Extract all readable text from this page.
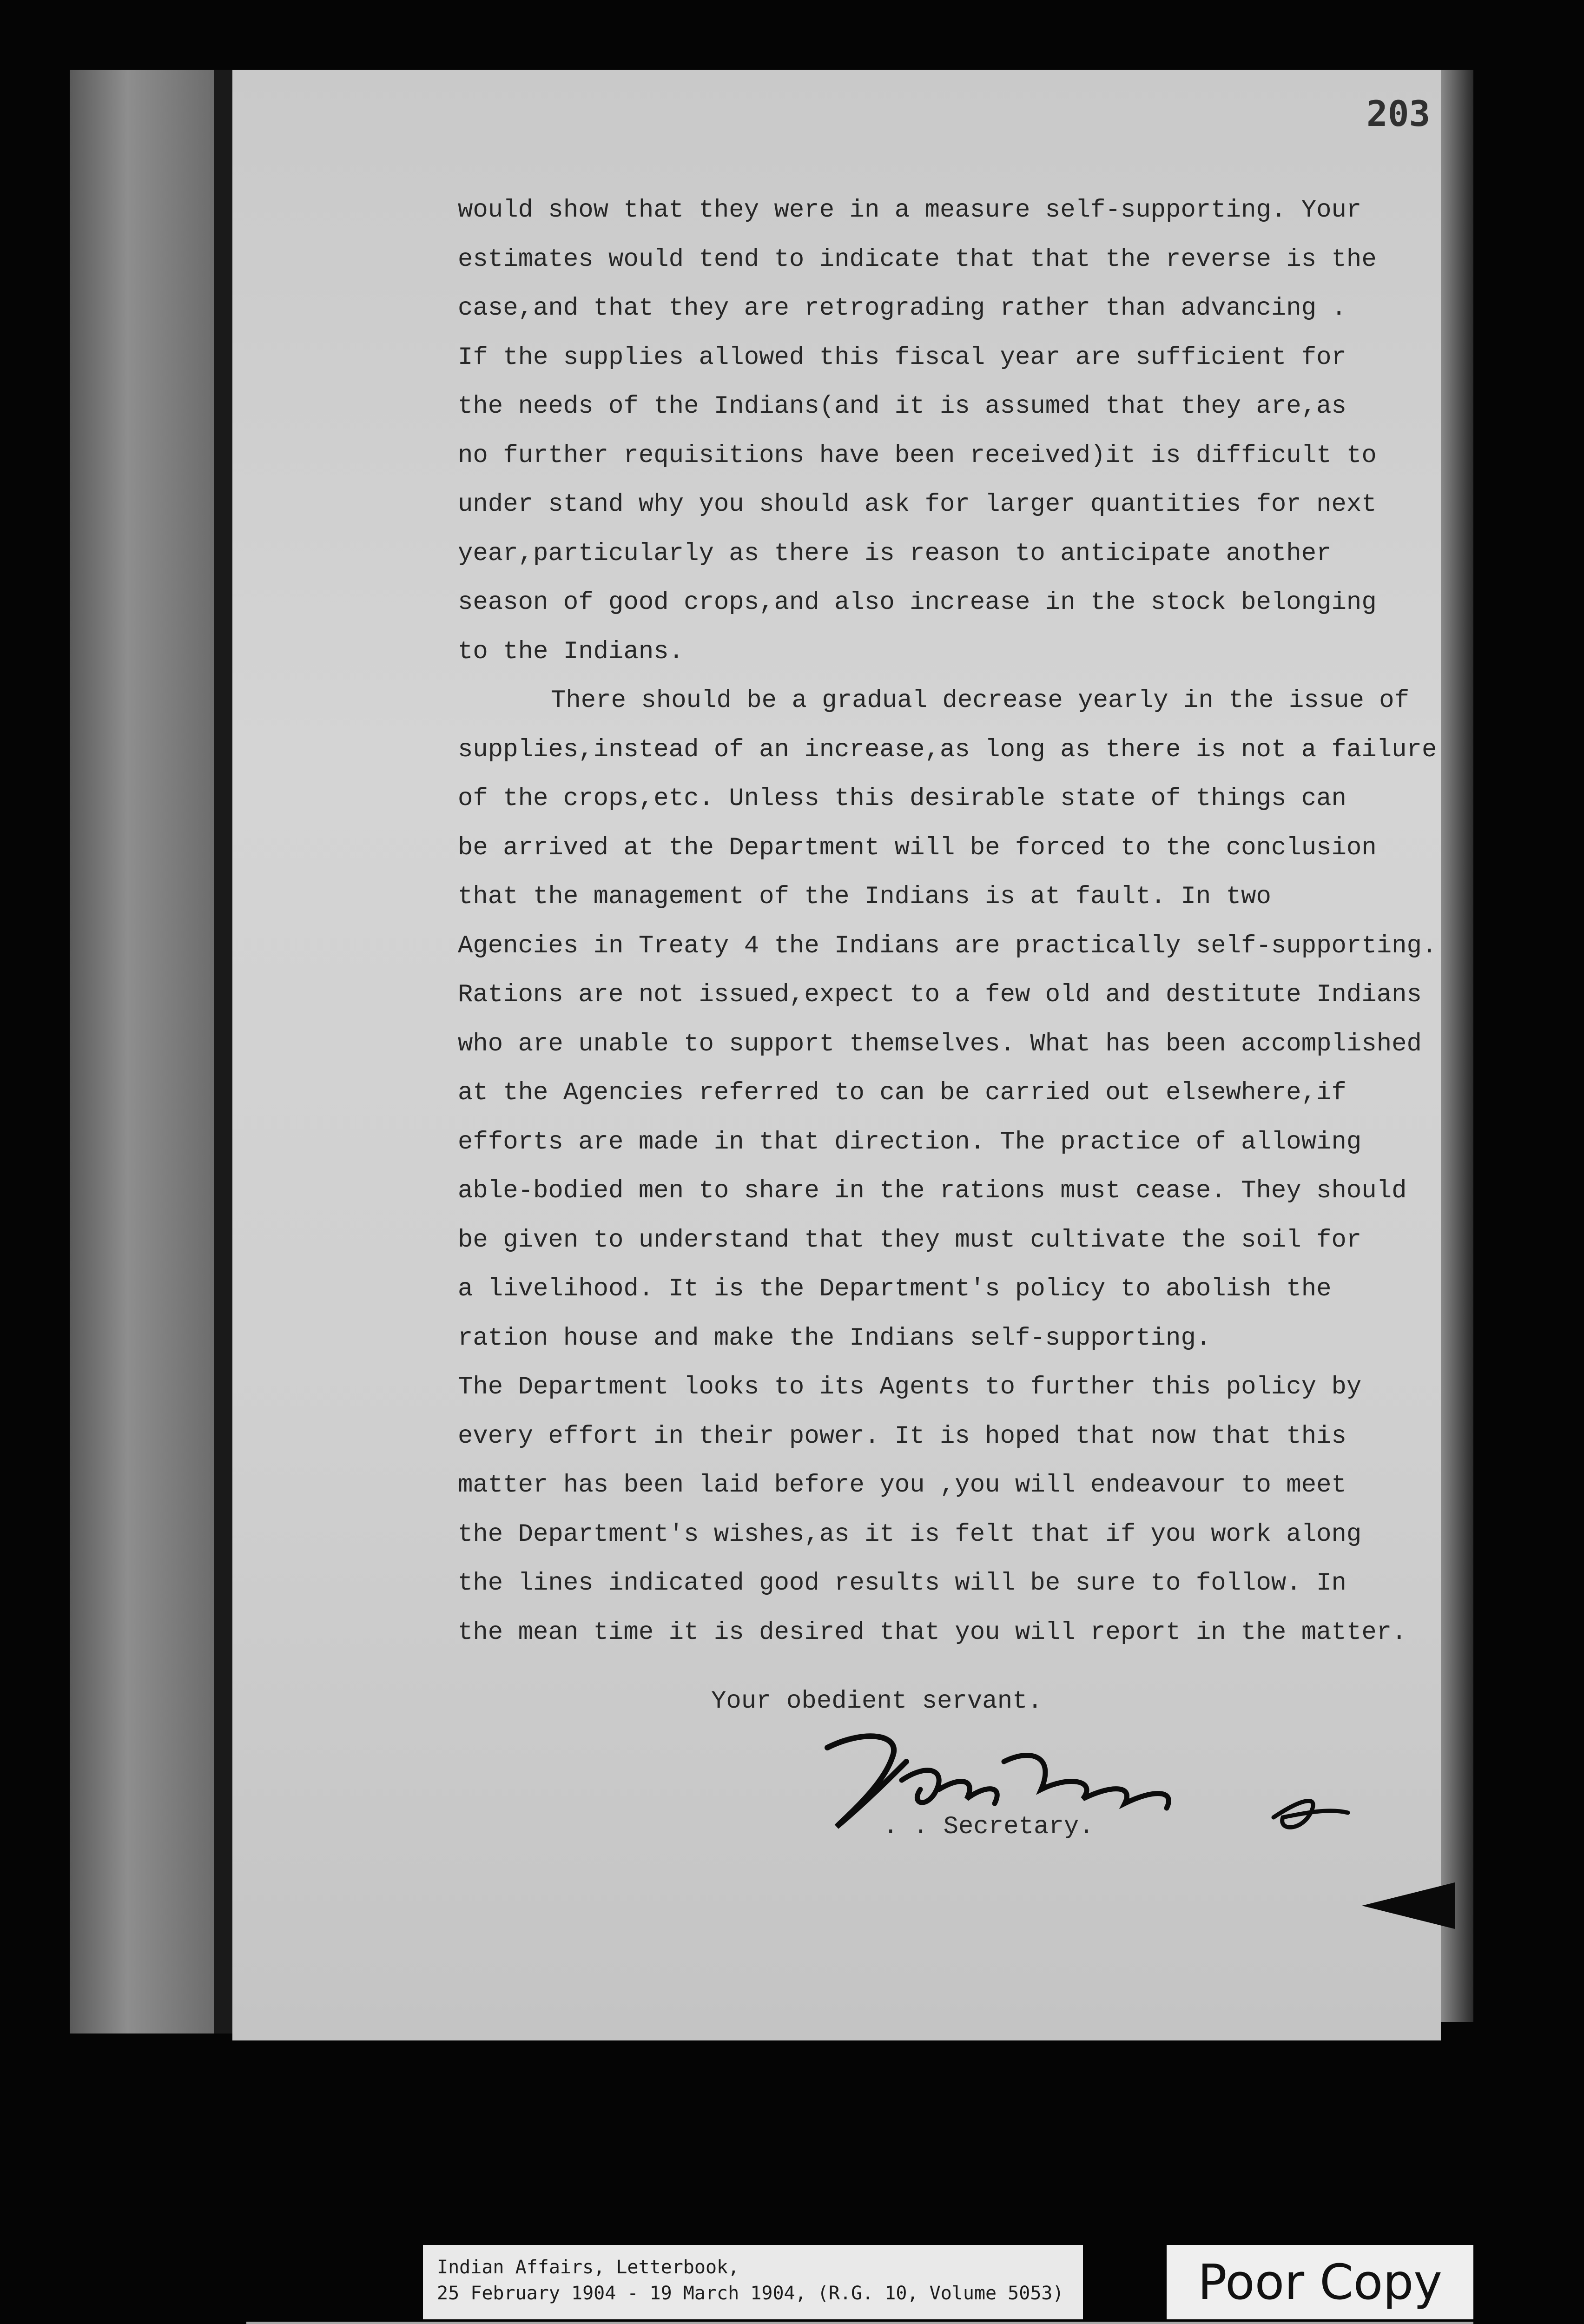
203
would show that they were in a measure self-supporting. Your
estimates would tend to indicate that that the reverse is the
case,and that they are retrograding rather than advancing .
If the supplies allowed this fiscal year are sufficient for
the needs of the Indians(and it is assumed that they are,as
no further requisitions have been received)it is difficult to
under stand why you should ask for larger quantities for next
year,particularly as there is reason to anticipate another
season of good crops,and also increase in the stock belonging
to the Indians.
There should be a gradual decrease yearly in the issue of
supplies,instead of an increase,as long as there is not a failure
of the crops,etc. Unless this desirable state of things can
be arrived at the Department will be forced to the conclusion
that the management of the Indians is at fault. In two
Agencies in Treaty 4 the Indians are practically self-supporting.
Rations are not issued,expect to a few old and destitute Indians
who are unable to support themselves. What has been accomplished
at the Agencies referred to can be carried out elsewhere,if
efforts are made in that direction. The practice of allowing
able-bodied men to share in the rations must cease. They should
be given to understand that they must cultivate the soil for
a livelihood. It is the Department's policy to abolish the
ration house and make the Indians self-supporting.
The Department looks to its Agents to further this policy by
every effort in their power. It is hoped that now that this
matter has been laid before you ,you will endeavour to meet
the Department's wishes,as it is felt that if you work along
the lines indicated good results will be sure to follow. In
the mean time it is desired that you will report in the matter.
Your obedient servant.
. . Secretary.
Indian Affairs, Letterbook,
25 February 1904 - 19 March 1904, (R.G. 10, Volume 5053)	Poor Copy
